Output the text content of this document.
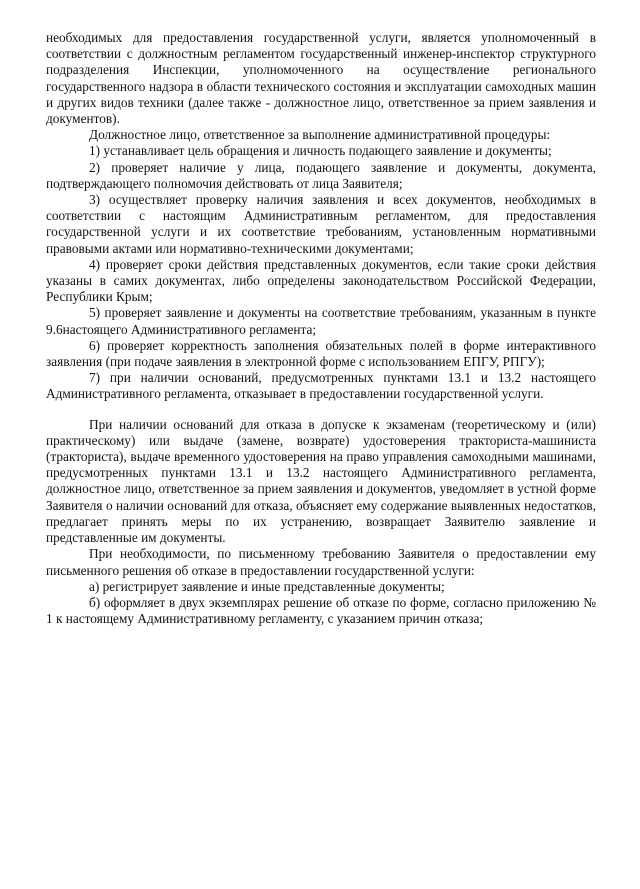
необходимых для предоставления государственной услуги, является уполномоченный в соответствии с должностным регламентом государственный инженер-инспектор структурного подразделения Инспекции, уполномоченного на осуществление регионального государственного надзора в области технического состояния и эксплуатации самоходных машин и других видов техники (далее также - должностное лицо, ответственное за прием заявления и документов).

Должностное лицо, ответственное за выполнение административной процедуры:

1) устанавливает цель обращения и личность подающего заявление и документы;

2) проверяет наличие у лица, подающего заявление и документы, документа, подтверждающего полномочия действовать от лица Заявителя;

3) осуществляет проверку наличия заявления и всех документов, необходимых в соответствии с настоящим Административным регламентом, для предоставления государственной услуги и их соответствие требованиям, установленным нормативными правовыми актами или нормативно-техническими документами;

4) проверяет сроки действия представленных документов, если такие сроки действия указаны в самих документах, либо определены законодательством Российской Федерации, Республики Крым;

5) проверяет заявление и документы на соответствие требованиям, указанным в пункте 9.6настоящего Административного регламента;

6) проверяет корректность заполнения обязательных полей в форме интерактивного заявления (при подаче заявления в электронной форме с использованием ЕПГУ, РПГУ);

7) при наличии оснований, предусмотренных пунктами 13.1 и 13.2 настоящего Административного регламента, отказывает в предоставлении государственной услуги.

При наличии оснований для отказа в допуске к экзаменам (теоретическому и (или) практическому) или выдаче (замене, возврате) удостоверения тракториста-машиниста (тракториста), выдаче временного удостоверения на право управления самоходными машинами, предусмотренных пунктами 13.1 и 13.2 настоящего Административного регламента, должностное лицо, ответственное за прием заявления и документов, уведомляет в устной форме Заявителя о наличии оснований для отказа, объясняет ему содержание выявленных недостатков, предлагает принять меры по их устранению, возвращает Заявителю заявление и представленные им документы.

При необходимости, по письменному требованию Заявителя о предоставлении ему письменного решения об отказе в предоставлении государственной услуги:

а) регистрирует заявление и иные представленные документы;

б) оформляет в двух экземплярах решение об отказе по форме, согласно приложению № 1 к настоящему Административному регламенту, с указанием причин отказа;
